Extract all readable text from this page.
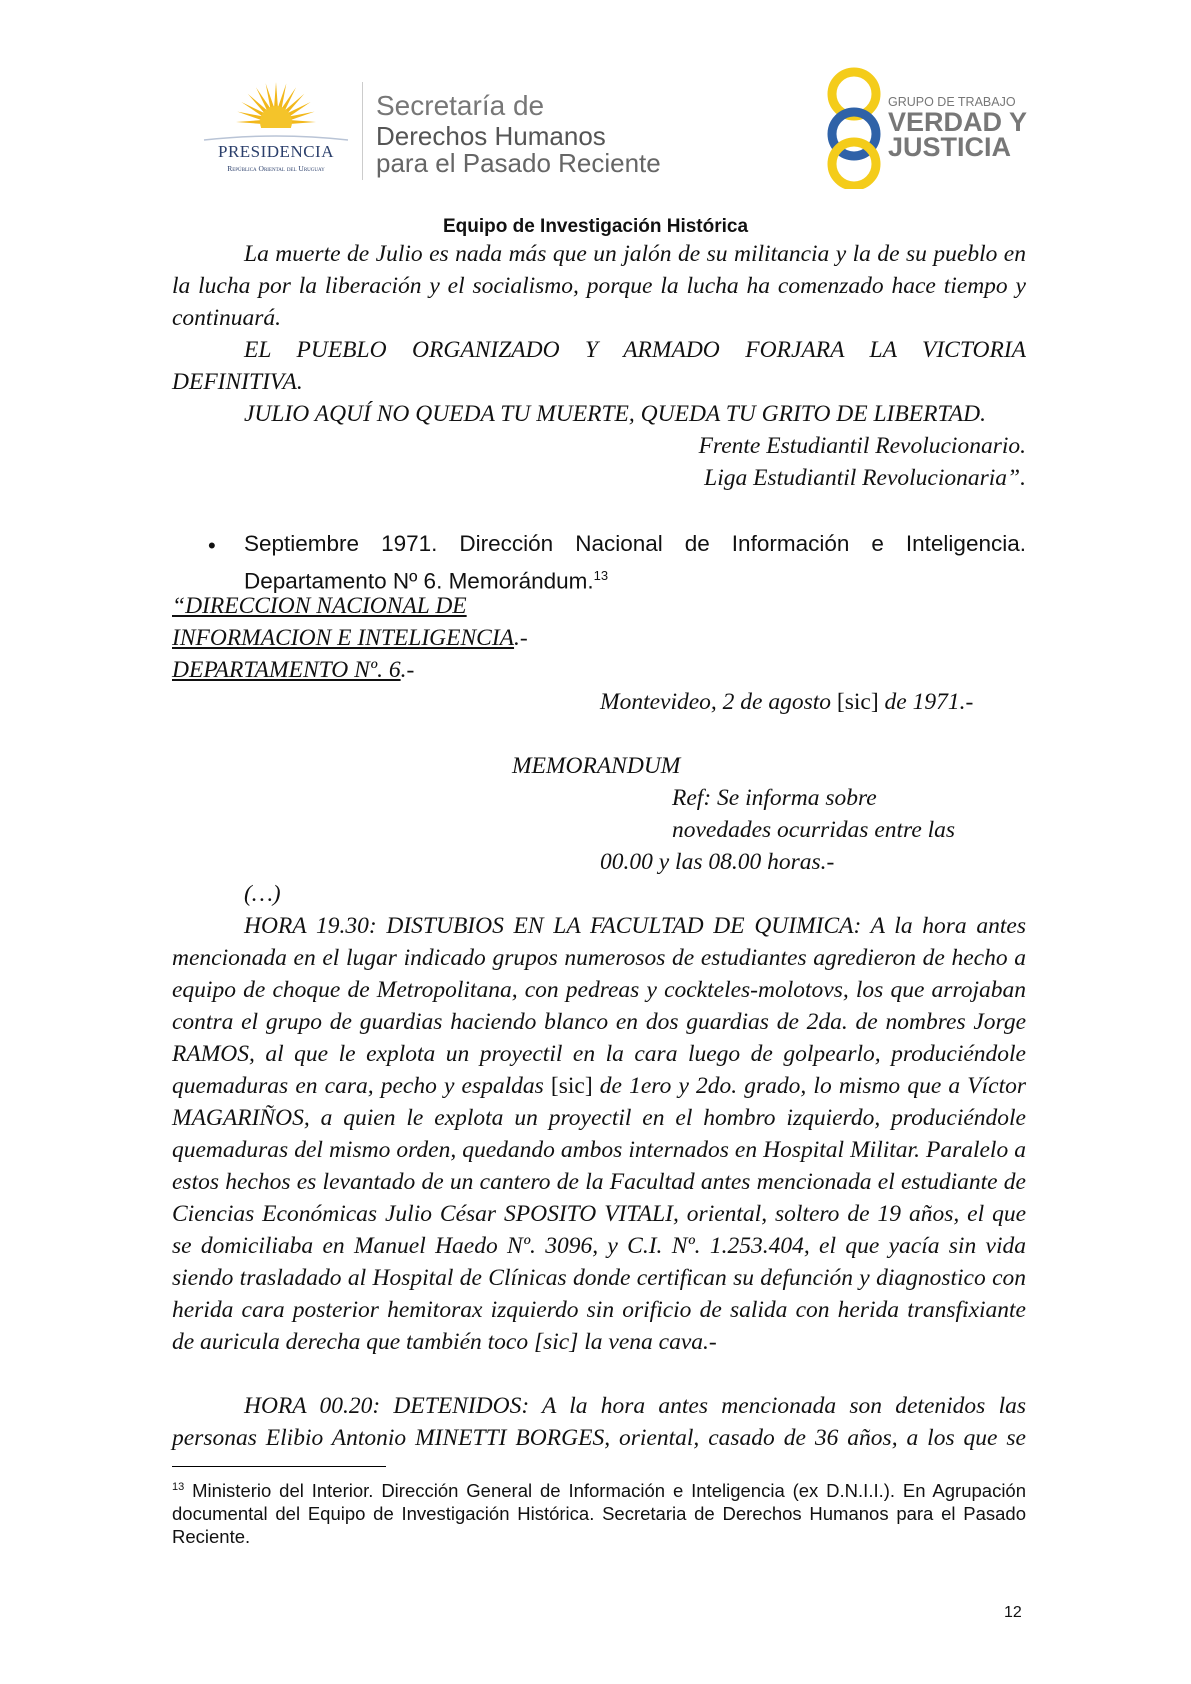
PRESIDENCIA
República Oriental del Uruguay
Secretaría de
Derechos Humanos
para el Pasado Reciente
GRUPO DE TRABAJO
VERDAD Y
JUSTICIA
Equipo de Investigación Histórica
La muerte de Julio es nada más que un jalón de su militancia y la de su pueblo en la lucha por la liberación y el socialismo, porque la lucha ha comenzado hace tiempo y continuará.
EL PUEBLO ORGANIZADO Y ARMADO FORJARA LA VICTORIA DEFINITIVA.
JULIO AQUÍ NO QUEDA TU MUERTE, QUEDA TU GRITO DE LIBERTAD.
Frente Estudiantil Revolucionario.
Liga Estudiantil Revolucionaria”.
• Septiembre 1971. Dirección Nacional de Información e Inteligencia. Departamento Nº 6. Memorándum.$^{13}$
“DIRECCION NACIONAL DE
INFORMACION E INTELIGENCIA.-
DEPARTAMENTO Nº. 6.-
Montevideo, 2 de agosto [sic] de 1971.-
MEMORANDUM
Ref: Se informa sobre
novedades ocurridas entre las
00.00 y las 08.00 horas.-
(…)
HORA 19.30: DISTUBIOS EN LA FACULTAD DE QUIMICA: A la hora antes mencionada en el lugar indicado grupos numerosos de estudiantes agredieron de hecho a equipo de choque de Metropolitana, con pedreas y cockteles-molotovs, los que arrojaban contra el grupo de guardias haciendo blanco en dos guardias de 2da. de nombres Jorge RAMOS, al que le explota un proyectil en la cara luego de golpearlo, produciéndole quemaduras en cara, pecho y espaldas [sic] de 1ero y 2do. grado, lo mismo que a Víctor MAGARIÑOS, a quien le explota un proyectil en el hombro izquierdo, produciéndole quemaduras del mismo orden, quedando ambos internados en Hospital Militar. Paralelo a estos hechos es levantado de un cantero de la Facultad antes mencionada el estudiante de Ciencias Económicas Julio César SPOSITO VITALI, oriental, soltero de 19 años, el que se domiciliaba en Manuel Haedo Nº. 3096, y C.I. Nº. 1.253.404, el que yacía sin vida siendo trasladado al Hospital de Clínicas donde certifican su defunción y diagnostico con herida cara posterior hemitorax izquierdo sin orificio de salida con herida transfixiante de auricula derecha que también toco [sic] la vena cava.-
HORA 00.20: DETENIDOS: A la hora antes mencionada son detenidos las personas Elibio Antonio MINETTI BORGES, oriental, casado de 36 años, a los que se
$^{13}$ Ministerio del Interior. Dirección General de Información e Inteligencia (ex D.N.I.I.). En Agrupación documental del Equipo de Investigación Histórica. Secretaria de Derechos Humanos para el Pasado Reciente.
12
